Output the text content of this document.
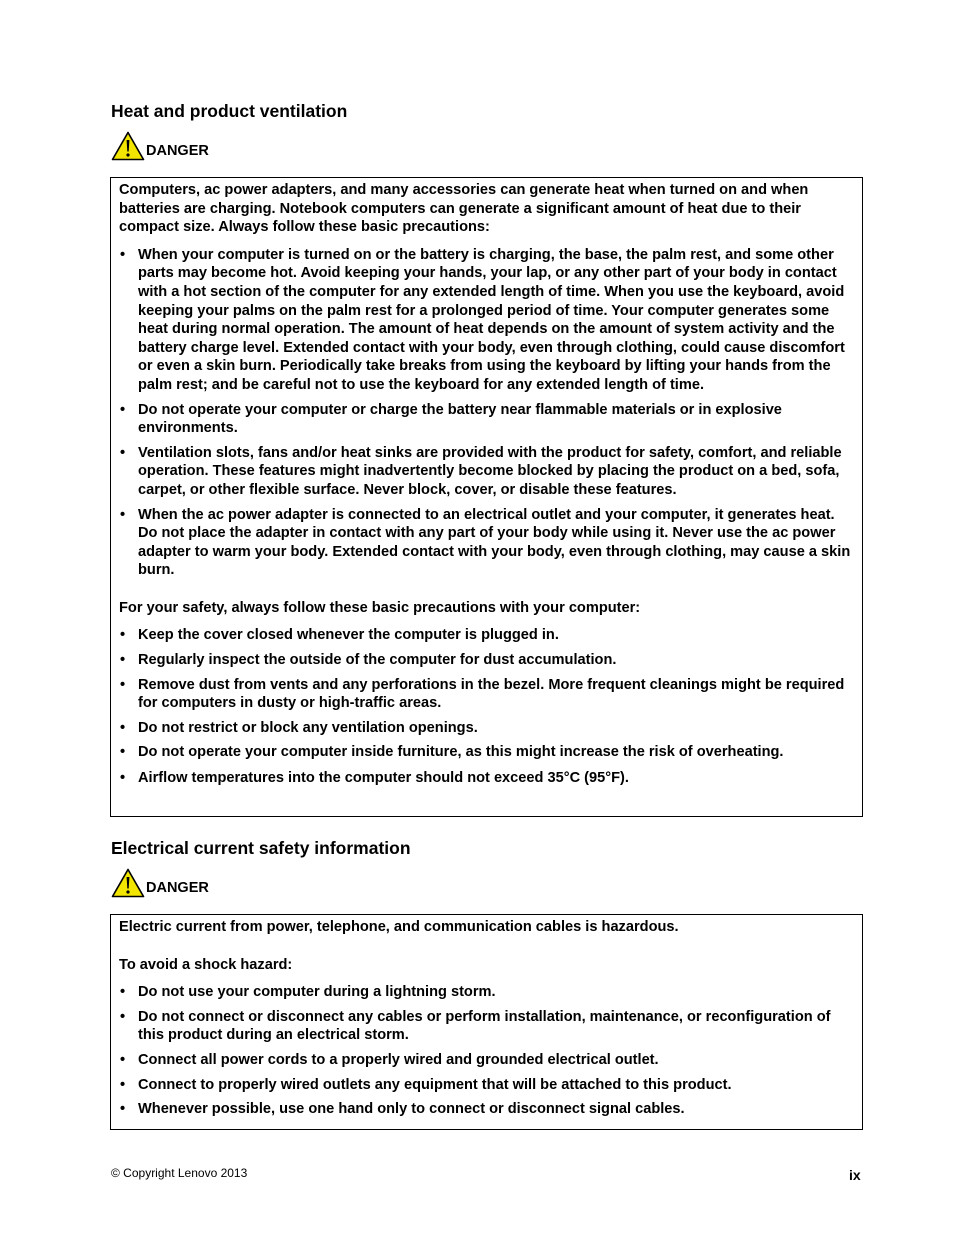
Heat and product ventilation
DANGER

Computers, ac power adapters, and many accessories can generate heat when turned on and when batteries are charging. Notebook computers can generate a significant amount of heat due to their compact size. Always follow these basic precautions:

• When your computer is turned on or the battery is charging, the base, the palm rest, and some other parts may become hot. Avoid keeping your hands, your lap, or any other part of your body in contact with a hot section of the computer for any extended length of time. When you use the keyboard, avoid keeping your palms on the palm rest for a prolonged period of time. Your computer generates some heat during normal operation. The amount of heat depends on the amount of system activity and the battery charge level. Extended contact with your body, even through clothing, could cause discomfort or even a skin burn. Periodically take breaks from using the keyboard by lifting your hands from the palm rest; and be careful not to use the keyboard for any extended length of time.
• Do not operate your computer or charge the battery near flammable materials or in explosive environments.
• Ventilation slots, fans and/or heat sinks are provided with the product for safety, comfort, and reliable operation. These features might inadvertently become blocked by placing the product on a bed, sofa, carpet, or other flexible surface. Never block, cover, or disable these features.
• When the ac power adapter is connected to an electrical outlet and your computer, it generates heat. Do not place the adapter in contact with any part of your body while using it. Never use the ac power adapter to warm your body. Extended contact with your body, even through clothing, may cause a skin burn.

For your safety, always follow these basic precautions with your computer:

• Keep the cover closed whenever the computer is plugged in.
• Regularly inspect the outside of the computer for dust accumulation.
• Remove dust from vents and any perforations in the bezel. More frequent cleanings might be required for computers in dusty or high-traffic areas.
• Do not restrict or block any ventilation openings.
• Do not operate your computer inside furniture, as this might increase the risk of overheating.
• Airflow temperatures into the computer should not exceed 35°C (95°F).
Electrical current safety information
DANGER

Electric current from power, telephone, and communication cables is hazardous.

To avoid a shock hazard:

• Do not use your computer during a lightning storm.
• Do not connect or disconnect any cables or perform installation, maintenance, or reconfiguration of this product during an electrical storm.
• Connect all power cords to a properly wired and grounded electrical outlet.
• Connect to properly wired outlets any equipment that will be attached to this product.
• Whenever possible, use one hand only to connect or disconnect signal cables.
© Copyright Lenovo 2013	ix
